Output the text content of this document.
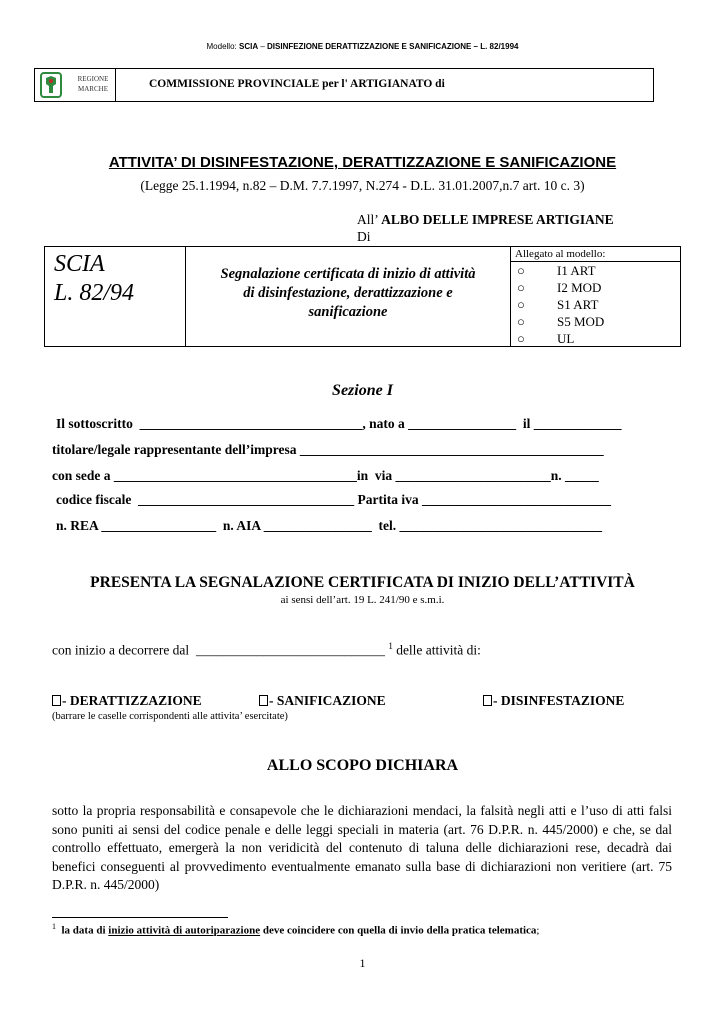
Modello: SCIA – DISINFEZIONE DERATTIZZAZIONE E SANIFICAZIONE – L. 82/1994
REGIONE
MARCHE	COMMISSIONE PROVINCIALE per l' ARTIGIANATO di
ATTIVITA’ DI DISINFESTAZIONE, DERATTIZZAZIONE E SANIFICAZIONE
(Legge 25.1.1994, n.82 – D.M. 7.7.1997, N.274 - D.L. 31.01.2007,n.7 art. 10 c. 3)
All’ ALBO DELLE IMPRESE ARTIGIANE
Di
SCIA
L. 82/94
Segnalazione certificata di inizio di attività
di disinfestazione, derattizzazione e
sanificazione
Allegato al modello:
○ I1 ART
○ I2 MOD
○ S1 ART
○ S5 MOD
○ UL
Sezione I
Il sottoscritto  _________________________________, nato a ________________  il _____________
titolare/legale rappresentante dell’impresa _____________________________________________
con sede a ____________________________________in  via _______________________n. _____
codice fiscale  ________________________________ Partita iva ____________________________
n. REA _________________  n. AIA ________________  tel. ______________________________
PRESENTA LA SEGNALAZIONE CERTIFICATA DI INIZIO DELL’ATTIVITÀ
ai sensi dell’art. 19 L. 241/90 e s.m.i.
con inizio a decorrere dal  ____________________________ $^1$ delle attività di:
- DERATTIZZAZIONE	- SANIFICAZIONE	- DISINFESTAZIONE
(barrare le caselle corrispondenti alle attivita’ esercitate)
ALLO SCOPO DICHIARA
sotto la propria responsabilità e consapevole che le dichiarazioni mendaci, la falsità negli atti e l’uso di atti falsi sono puniti ai sensi del codice penale e delle leggi speciali in materia (art. 76 D.P.R. n. 445/2000) e che, se dal controllo effettuato, emergerà la non veridicità del contenuto di taluna delle dichiarazioni rese, decadrà dai benefici conseguenti al provvedimento eventualmente emanato sulla base di dichiarazioni non veritiere (art. 75 D.P.R. n. 445/2000)
$^1$ la data di inizio attività di autoriparazione deve coincidere con quella di invio della pratica telematica;
1
